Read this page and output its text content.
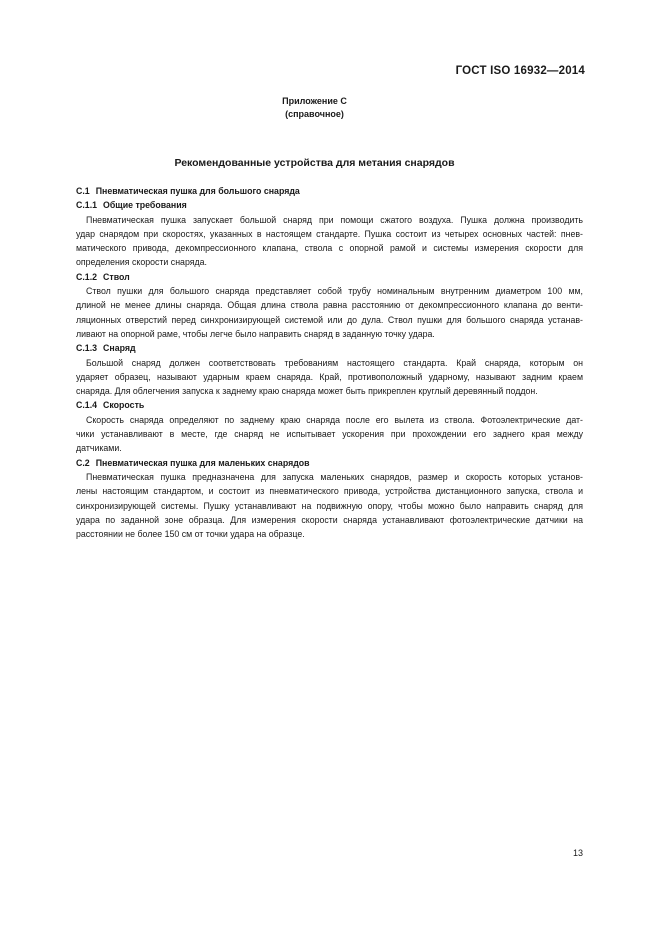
ГОСТ ISO 16932—2014
Приложение С
(справочное)
Рекомендованные устройства для метания снарядов

С.1 Пневматическая пушка для большого снаряда

С.1.1 Общие требования

Пневматическая пушка запускает большой снаряд при помощи сжатого воздуха. Пушка должна производить
удар снарядом при скоростях, указанных в настоящем стандарте. Пушка состоит из четырех основных частей: пнев-
матического привода, декомпрессионного клапана, ствола с опорной рамой и системы измерения скорости для
определения скорости снаряда.

С.1.2 Ствол

Ствол пушки для большого снаряда представляет собой трубу номинальным внутренним диаметром 100 мм,
длиной не менее длины снаряда. Общая длина ствола равна расстоянию от декомпрессионного клапана до венти-
ляционных отверстий перед синхронизирующей системой или до дула. Ствол пушки для большого снаряда устанав-
ливают на опорной раме, чтобы легче было направить снаряд в заданную точку удара.

С.1.3 Снаряд

Большой снаряд должен соответствовать требованиям настоящего стандарта. Край снаряда, которым он
ударяет образец, называют ударным краем снаряда. Край, противоположный ударному, называют задним краем
снаряда. Для облегчения запуска к заднему краю снаряда может быть прикреплен круглый деревянный поддон.

С.1.4 Скорость

Скорость снаряда определяют по заднему краю снаряда после его вылета из ствола. Фотоэлектрические дат-
чики устанавливают в месте, где снаряд не испытывает ускорения при прохождении его заднего края между
датчиками.

С.2 Пневматическая пушка для маленьких снарядов

Пневматическая пушка предназначена для запуска маленьких снарядов, размер и скорость которых установ-
лены настоящим стандартом, и состоит из пневматического привода, устройства дистанционного запуска, ствола и
синхронизирующей системы. Пушку устанавливают на подвижную опору, чтобы можно было направить снаряд для
удара по заданной зоне образца. Для измерения скорости снаряда устанавливают фотоэлектрические датчики на
расстоянии не более 150 см от точки удара на образце.

13
